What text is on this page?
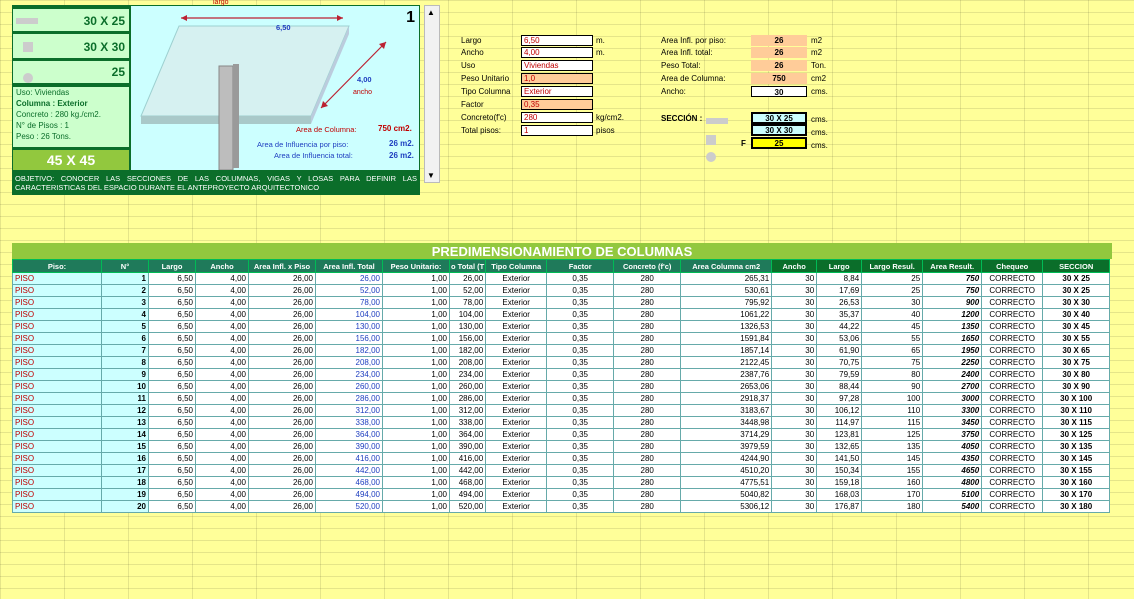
30 X 25
30 X 30
25
Uso: Viviendas
Columna : Exterior
Concreto : 280 kg./cm2.
N° de Pisos : 1
Peso : 26 Tons.
45 X 45
6,50
largo
4,00
ancho
Area de Columna:	750 cm2.
Area de Influencia por piso:	26 m2.
Area de Influencia total:	26 m2.
1
OBJETIVO: CONOCER LAS SECCIONES DE LAS COLUMNAS, VIGAS Y LOSAS PARA DEFINIR LAS CARACTERISTICAS DEL ESPACIO DURANTE EL ANTEPROYECTO ARQUITECTONICO
▲
▼
Largo	6,50	m.
Ancho	4,00	m.
Uso	Viviendas
Peso Unitario	1,0
Tipo Columna	Exterior
Factor	0,35
Concreto(f'c)	280	kg/cm2.
Total pisos:	1	pisos
Area Infl. por piso:	26	m2
Area Infl. total:	26	m2
Peso Total:	26	Ton.
Area de Columna:	750	cm2
Ancho:	30	cms.
SECCIÓN :
F
30 X 25
30 X 30
25
cms.
cms.
cms.
PREDIMENSIONAMIENTO DE COLUMNAS
Piso:	N°	Largo	Ancho	Area Infl. x Piso	Area Infl. Total	Peso Unitario:	o Total (T	Tipo Columna	Factor	Concreto (f'c)	Area Columna cm2	Ancho	Largo	Largo Resul.	Area Result.	Chequeo	SECCION
PISO	1	6,50	4,00	26,00	26,00	1,00	26,00	Exterior	0,35	280	265,31	30	8,84	25	750	CORRECTO	30 X 25
PISO	2	6,50	4,00	26,00	52,00	1,00	52,00	Exterior	0,35	280	530,61	30	17,69	25	750	CORRECTO	30 X 25
PISO	3	6,50	4,00	26,00	78,00	1,00	78,00	Exterior	0,35	280	795,92	30	26,53	30	900	CORRECTO	30 X 30
PISO	4	6,50	4,00	26,00	104,00	1,00	104,00	Exterior	0,35	280	1061,22	30	35,37	40	1200	CORRECTO	30 X 40
PISO	5	6,50	4,00	26,00	130,00	1,00	130,00	Exterior	0,35	280	1326,53	30	44,22	45	1350	CORRECTO	30 X 45
PISO	6	6,50	4,00	26,00	156,00	1,00	156,00	Exterior	0,35	280	1591,84	30	53,06	55	1650	CORRECTO	30 X 55
PISO	7	6,50	4,00	26,00	182,00	1,00	182,00	Exterior	0,35	280	1857,14	30	61,90	65	1950	CORRECTO	30 X 65
PISO	8	6,50	4,00	26,00	208,00	1,00	208,00	Exterior	0,35	280	2122,45	30	70,75	75	2250	CORRECTO	30 X 75
PISO	9	6,50	4,00	26,00	234,00	1,00	234,00	Exterior	0,35	280	2387,76	30	79,59	80	2400	CORRECTO	30 X 80
PISO	10	6,50	4,00	26,00	260,00	1,00	260,00	Exterior	0,35	280	2653,06	30	88,44	90	2700	CORRECTO	30 X 90
PISO	11	6,50	4,00	26,00	286,00	1,00	286,00	Exterior	0,35	280	2918,37	30	97,28	100	3000	CORRECTO	30 X 100
PISO	12	6,50	4,00	26,00	312,00	1,00	312,00	Exterior	0,35	280	3183,67	30	106,12	110	3300	CORRECTO	30 X 110
PISO	13	6,50	4,00	26,00	338,00	1,00	338,00	Exterior	0,35	280	3448,98	30	114,97	115	3450	CORRECTO	30 X 115
PISO	14	6,50	4,00	26,00	364,00	1,00	364,00	Exterior	0,35	280	3714,29	30	123,81	125	3750	CORRECTO	30 X 125
PISO	15	6,50	4,00	26,00	390,00	1,00	390,00	Exterior	0,35	280	3979,59	30	132,65	135	4050	CORRECTO	30 X 135
PISO	16	6,50	4,00	26,00	416,00	1,00	416,00	Exterior	0,35	280	4244,90	30	141,50	145	4350	CORRECTO	30 X 145
PISO	17	6,50	4,00	26,00	442,00	1,00	442,00	Exterior	0,35	280	4510,20	30	150,34	155	4650	CORRECTO	30 X 155
PISO	18	6,50	4,00	26,00	468,00	1,00	468,00	Exterior	0,35	280	4775,51	30	159,18	160	4800	CORRECTO	30 X 160
PISO	19	6,50	4,00	26,00	494,00	1,00	494,00	Exterior	0,35	280	5040,82	30	168,03	170	5100	CORRECTO	30 X 170
PISO	20	6,50	4,00	26,00	520,00	1,00	520,00	Exterior	0,35	280	5306,12	30	176,87	180	5400	CORRECTO	30 X 180
